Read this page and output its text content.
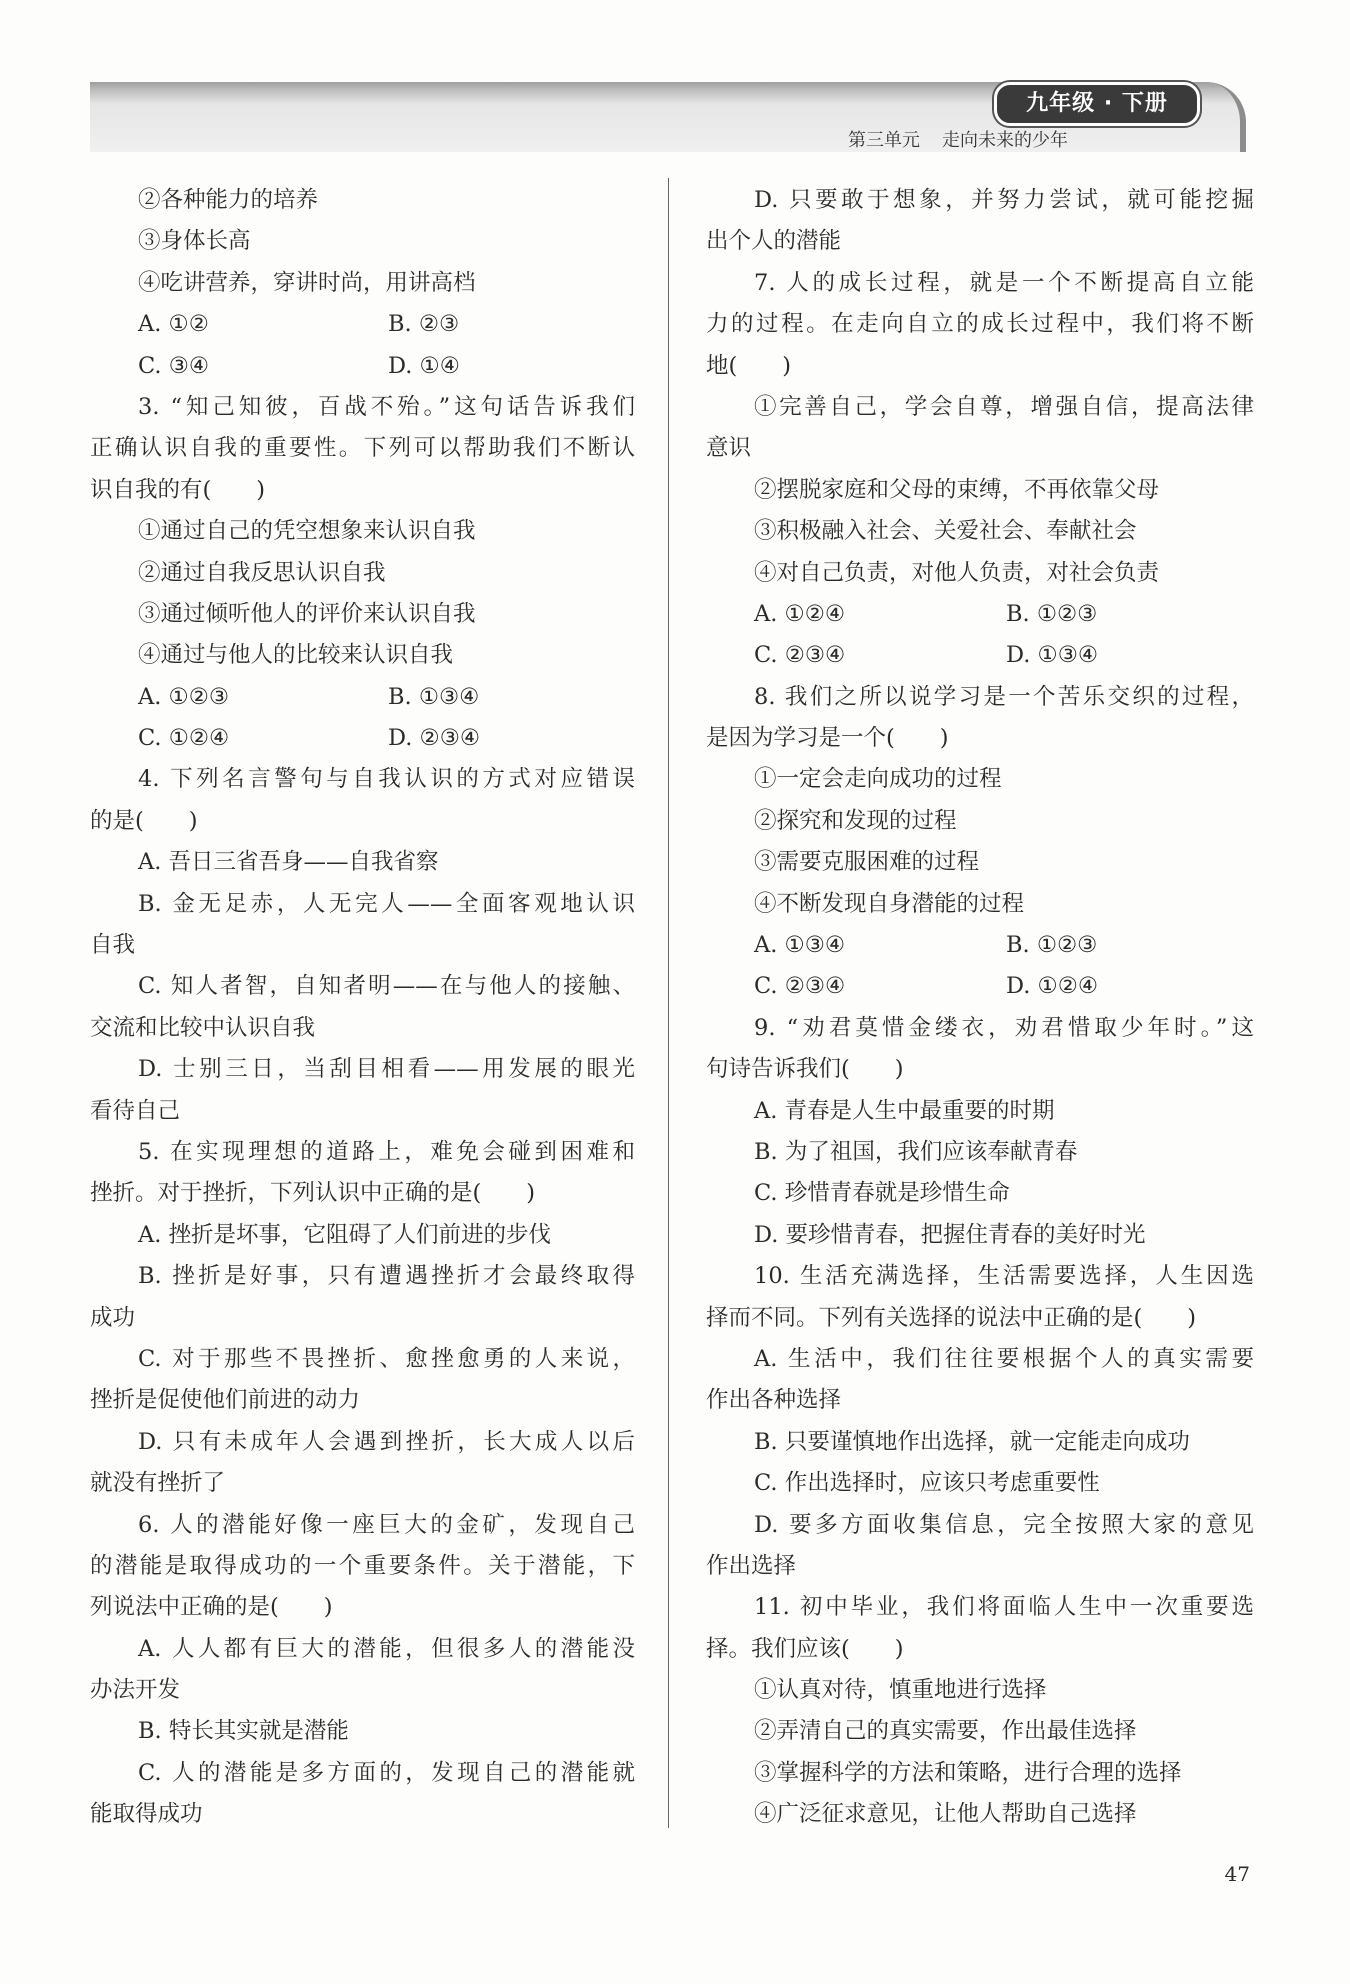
九年级 · 下册
第三单元 走向未来的少年
②各种能力的培养
③身体长高
④吃讲营养，穿讲时尚，用讲高档
A. ①②	B. ②③
C. ③④	D. ①④
3. “知己知彼，百战不殆。”这句话告诉我们
正确认识自我的重要性。下列可以帮助我们不断认
识自我的有(　　)
①通过自己的凭空想象来认识自我
②通过自我反思认识自我
③通过倾听他人的评价来认识自我
④通过与他人的比较来认识自我
A. ①②③	B. ①③④
C. ①②④	D. ②③④
4. 下列名言警句与自我认识的方式对应错误
的是(　　)
A. 吾日三省吾身——自我省察
B. 金无足赤，人无完人——全面客观地认识
自我
C. 知人者智，自知者明——在与他人的接触、
交流和比较中认识自我
D. 士别三日，当刮目相看——用发展的眼光
看待自己
5. 在实现理想的道路上，难免会碰到困难和
挫折。对于挫折，下列认识中正确的是(　　)
A. 挫折是坏事，它阻碍了人们前进的步伐
B. 挫折是好事，只有遭遇挫折才会最终取得
成功
C. 对于那些不畏挫折、愈挫愈勇的人来说，
挫折是促使他们前进的动力
D. 只有未成年人会遇到挫折，长大成人以后
就没有挫折了
6. 人的潜能好像一座巨大的金矿，发现自己
的潜能是取得成功的一个重要条件。关于潜能，下
列说法中正确的是(　　)
A. 人人都有巨大的潜能，但很多人的潜能没
办法开发
B. 特长其实就是潜能
C. 人的潜能是多方面的，发现自己的潜能就
能取得成功
D. 只要敢于想象，并努力尝试，就可能挖掘
出个人的潜能
7. 人的成长过程，就是一个不断提高自立能
力的过程。在走向自立的成长过程中，我们将不断
地(　　)
①完善自己，学会自尊，增强自信，提高法律
意识
②摆脱家庭和父母的束缚，不再依靠父母
③积极融入社会、关爱社会、奉献社会
④对自己负责，对他人负责，对社会负责
A. ①②④	B. ①②③
C. ②③④	D. ①③④
8. 我们之所以说学习是一个苦乐交织的过程，
是因为学习是一个(　　)
①一定会走向成功的过程
②探究和发现的过程
③需要克服困难的过程
④不断发现自身潜能的过程
A. ①③④	B. ①②③
C. ②③④	D. ①②④
9. “劝君莫惜金缕衣，劝君惜取少年时。”这
句诗告诉我们(　　)
A. 青春是人生中最重要的时期
B. 为了祖国，我们应该奉献青春
C. 珍惜青春就是珍惜生命
D. 要珍惜青春，把握住青春的美好时光
10. 生活充满选择，生活需要选择，人生因选
择而不同。下列有关选择的说法中正确的是(　　)
A. 生活中，我们往往要根据个人的真实需要
作出各种选择
B. 只要谨慎地作出选择，就一定能走向成功
C. 作出选择时，应该只考虑重要性
D. 要多方面收集信息，完全按照大家的意见
作出选择
11. 初中毕业，我们将面临人生中一次重要选
择。我们应该(　　)
①认真对待，慎重地进行选择
②弄清自己的真实需要，作出最佳选择
③掌握科学的方法和策略，进行合理的选择
④广泛征求意见，让他人帮助自己选择
47
